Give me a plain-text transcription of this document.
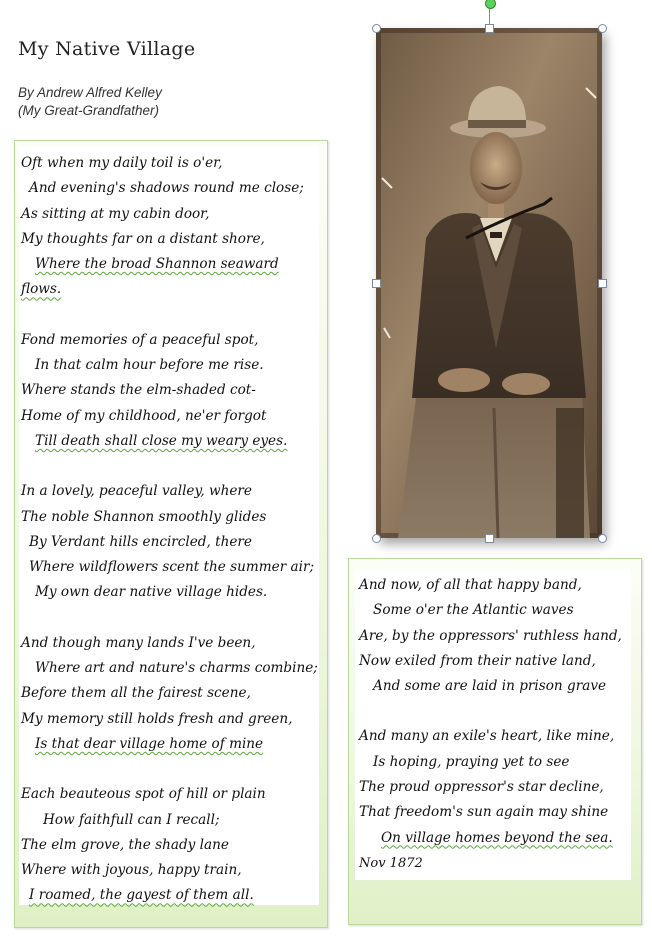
My Native Village
By Andrew Alfred Kelley
(My Great-Grandfather)
Oft when my daily toil is o'er,
And evening's shadows round me close;
As sitting at my cabin door,
My thoughts far on a distant shore,
Where the broad Shannon seaward
flows.
Fond memories of a peaceful spot,
In that calm hour before me rise.
Where stands the elm-shaded cot-
Home of my childhood, ne'er forgot
Till death shall close my weary eyes.
In a lovely, peaceful valley, where
The noble Shannon smoothly glides
By Verdant hills encircled, there
Where wildflowers scent the summer air;
My own dear native village hides.
And though many lands I've been,
Where art and nature's charms combine;
Before them all the fairest scene,
My memory still holds fresh and green,
Is that dear village home of mine
Each beauteous spot of hill or plain
How faithfull can I recall;
The elm grove, the shady lane
Where with joyous, happy train,
I roamed, the gayest of them all.
And now, of all that happy band,
Some o'er the Atlantic waves
Are, by the oppressors' ruthless hand,
Now exiled from their native land,
And some are laid in prison grave
And many an exile's heart, like mine,
Is hoping, praying yet to see
The proud oppressor's star decline,
That freedom's sun again may shine
On village homes beyond the sea.
Nov 1872
